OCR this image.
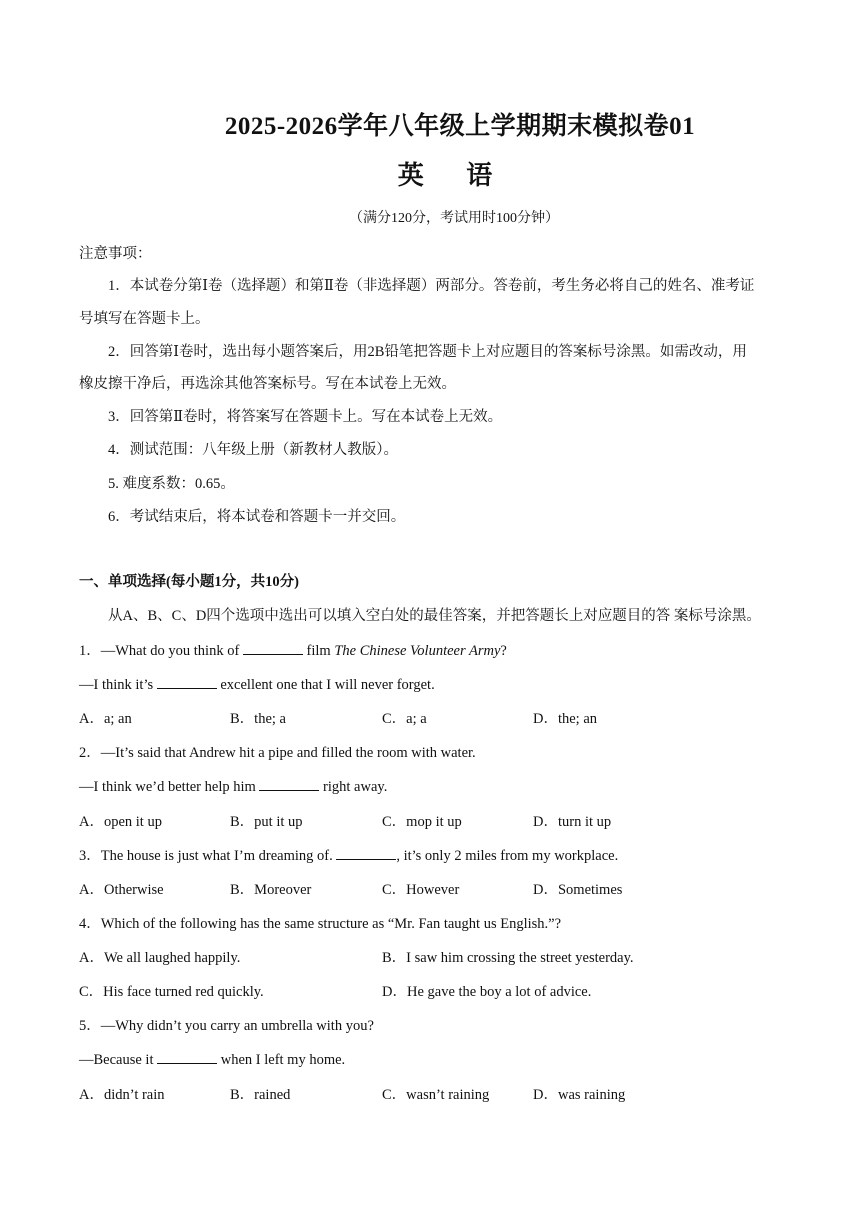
2025-2026学年八年级上学期期末模拟卷01
英 语
（满分120分，考试用时100分钟）
注意事项：
1．本试卷分第Ⅰ卷（选择题）和第Ⅱ卷（非选择题）两部分。答卷前，考生务必将自己的姓名、准考证
号填写在答题卡上。
2．回答第Ⅰ卷时，选出每小题答案后，用2B铅笔把答题卡上对应题目的答案标号涂黑。如需改动，用
橡皮擦干净后，再选涂其他答案标号。写在本试卷上无效。
3．回答第Ⅱ卷时，将答案写在答题卡上。写在本试卷上无效。
4．测试范围：八年级上册（新教材人教版）。
5. 难度系数：0.65。
6．考试结束后，将本试卷和答题卡一并交回。
一、单项选择(每小题1分，共10分)
从A、B、C、D四个选项中选出可以填入空白处的最佳答案，并把答题长上对应题目的答 案标号涂黑。
1．—What do you think of	film The Chinese Volunteer Army?
—I think it’s	excellent one that I will never forget.
A．a; an	B．the; a	C．a; a	D．the; an
2．—It’s said that Andrew hit a pipe and filled the room with water.
—I think we’d better help him	right away.
A．open it up	B．put it up	C．mop it up	D．turn it up
3．The house is just what I’m dreaming of.	, it’s only 2 miles from my workplace.
A．Otherwise	B．Moreover	C．However	D．Sometimes
4．Which of the following has the same structure as “Mr. Fan taught us English.”?
A．We all laughed happily.	B．I saw him crossing the street yesterday.
C．His face turned red quickly.	D．He gave the boy a lot of advice.
5．—Why didn’t you carry an umbrella with you?
—Because it	when I left my home.
A．didn’t rain	B．rained	C．wasn’t raining	D．was raining
